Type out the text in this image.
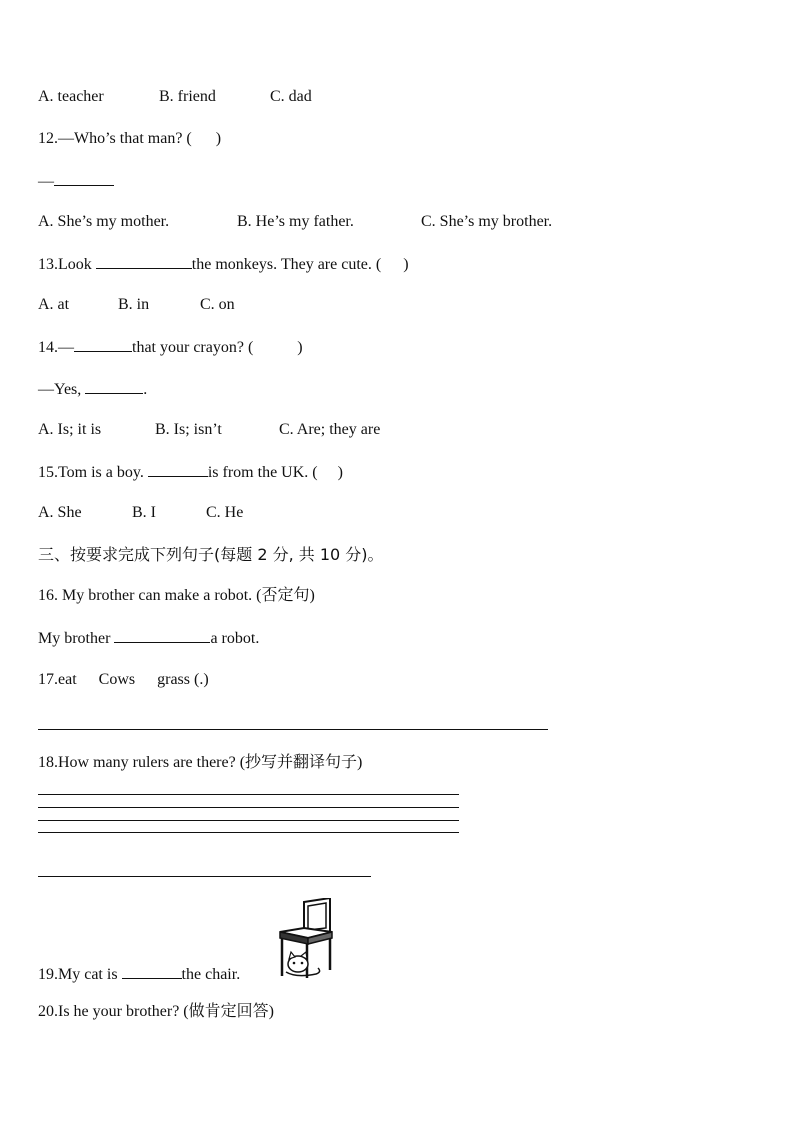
A. teacher	B. friend	C. dad
12.—Who’s that man? ( )
—
A. She’s my mother.	B. He’s my father.	C. She’s my brother.
13.Look	the monkeys. They are cute. ( )
A. at	B. in	C. on
14.—	that your crayon? (	)
—Yes,	.
A. Is; it is	B. Is; isn’t	C. Are; they are
15.Tom is a boy.	is from the UK. ( )
A. She	B. I	C. He
三、按要求完成下列句子(每题 2 分, 共 10 分)。
16. My brother can make a robot. (否定句)
My brother	a robot.
17.eat Cows grass (.)
18.How many rulers are there? (抄写并翻译句子)
19.My cat is	the chair.
20.Is he your brother? (做肯定回答)
